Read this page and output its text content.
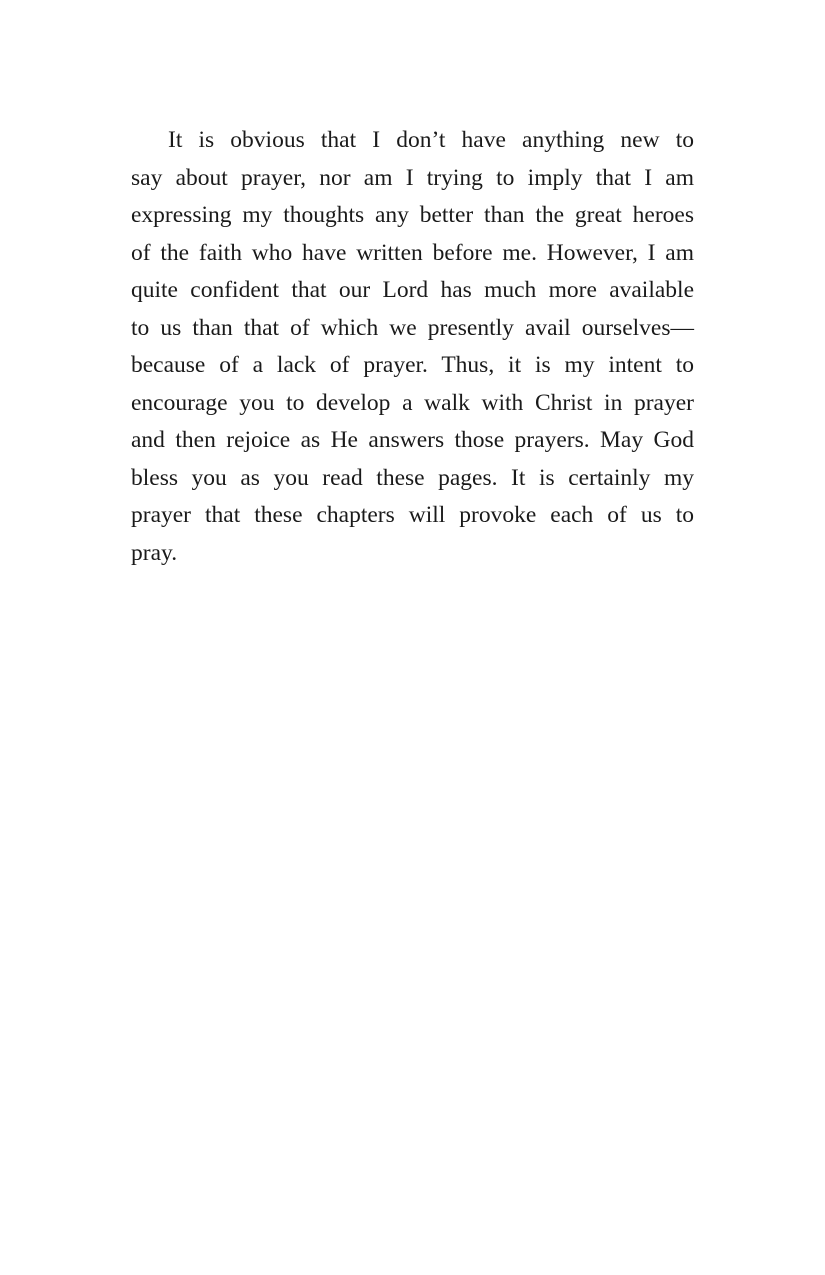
It is obvious that I don’t have anything new to
say about prayer, nor am I trying to imply that I am
expressing my thoughts any better than the great heroes
of the faith who have written before me. However, I am
quite confident that our Lord has much more available
to us than that of which we presently avail ourselves—
because of a lack of prayer. Thus, it is my intent to
encourage you to develop a walk with Christ in prayer
and then rejoice as He answers those prayers. May God
bless you as you read these pages. It is certainly my
prayer that these chapters will provoke each of us to
pray.
